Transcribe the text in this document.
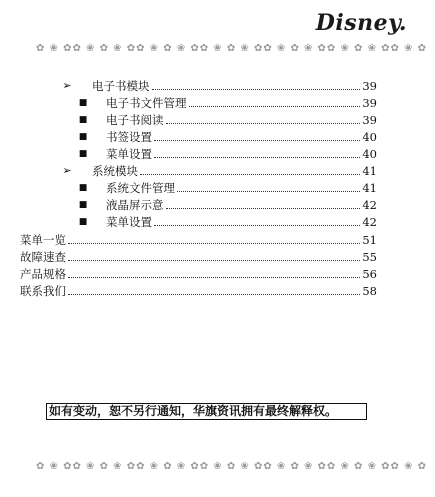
Disney.
✿ ❀ ✿✿ ❀ ✿ ❀ ✿✿ ❀ ✿ ❀ ✿✿ ❀ ✿ ❀ ✿✿ ❀ ✿ ❀ ✿✿ ❀ ✿ ❀ ✿✿ ❀ ✿
➢ 电子书模块	39
■ 电子书文件管理	39
■ 电子书阅读	39
■ 书签设置	40
■ 菜单设置	40
➢ 系统模块	41
■ 系统文件管理	41
■ 液晶屏示意	42
■ 菜单设置	42
菜单一览	51
故障速查	55
产品规格	56
联系我们	58
如有变动，恕不另行通知，华旗资讯拥有最终解释权。
✿ ❀ ✿✿ ❀ ✿ ❀ ✿✿ ❀ ✿ ❀ ✿✿ ❀ ✿ ❀ ✿✿ ❀ ✿ ❀ ✿✿ ❀ ✿ ❀ ✿✿ ❀ ✿
